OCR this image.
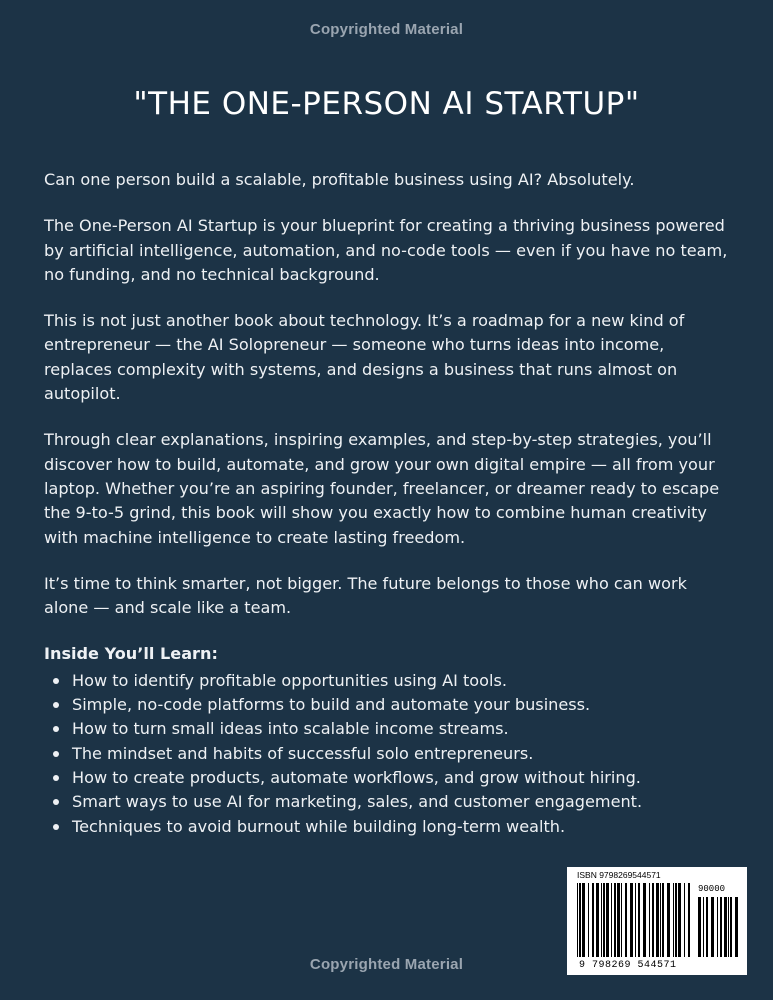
Copyrighted Material
"THE ONE-PERSON AI STARTUP"

Can one person build a scalable, profitable business using AI? Absolutely.

The One-Person AI Startup is your blueprint for creating a thriving business powered by artificial intelligence, automation, and no-code tools — even if you have no team, no funding, and no technical background.

This is not just another book about technology. It’s a roadmap for a new kind of entrepreneur — the AI Solopreneur — someone who turns ideas into income, replaces complexity with systems, and designs a business that runs almost on autopilot.

Through clear explanations, inspiring examples, and step-by-step strategies, you’ll discover how to build, automate, and grow your own digital empire — all from your laptop. Whether you’re an aspiring founder, freelancer, or dreamer ready to escape the 9-to-5 grind, this book will show you exactly how to combine human creativity with machine intelligence to create lasting freedom.

It’s time to think smarter, not bigger. The future belongs to those who can work alone — and scale like a team.

Inside You’ll Learn:
How to identify profitable opportunities using AI tools.
Simple, no-code platforms to build and automate your business.
How to turn small ideas into scalable income streams.
The mindset and habits of successful solo entrepreneurs.
How to create products, automate workflows, and grow without hiring.
Smart ways to use AI for marketing, sales, and customer engagement.
Techniques to avoid burnout while building long-term wealth.
ISBN 9798269544571
90000
9 798269 544571
Copyrighted Material
